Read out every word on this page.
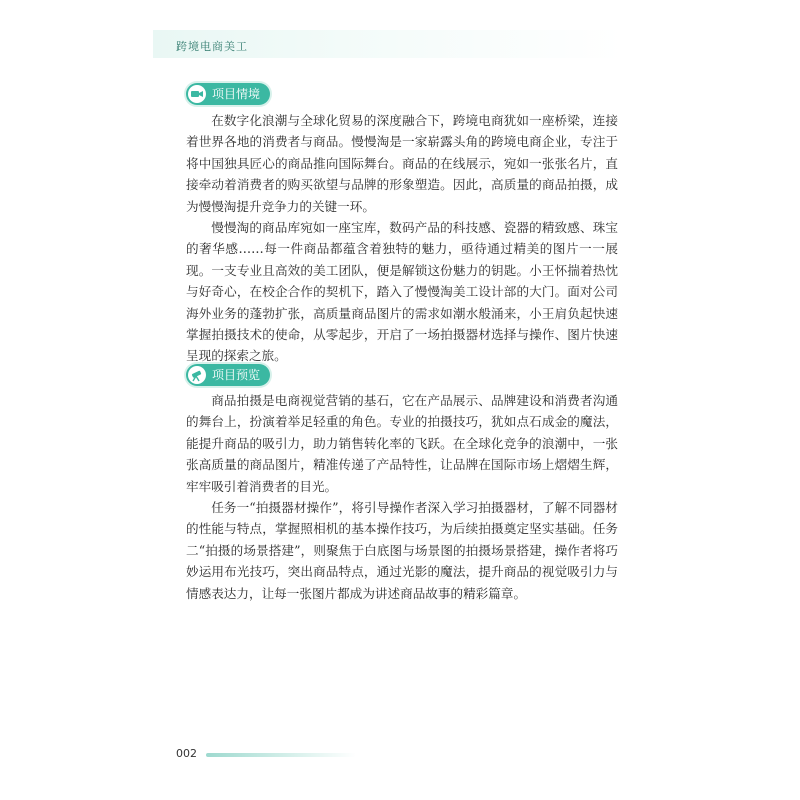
跨境电商美工
项目情境

在数字化浪潮与全球化贸易的深度融合下，跨境电商犹如一座桥梁，连接着世界各地的消费者与商品。慢慢淘是一家崭露头角的跨境电商企业，专注于将中国独具匠心的商品推向国际舞台。商品的在线展示，宛如一张张名片，直接牵动着消费者的购买欲望与品牌的形象塑造。因此，高质量的商品拍摄，成为慢慢淘提升竞争力的关键一环。

慢慢淘的商品库宛如一座宝库，数码产品的科技感、瓷器的精致感、珠宝的奢华感……每一件商品都蕴含着独特的魅力，亟待通过精美的图片一一展现。一支专业且高效的美工团队，便是解锁这份魅力的钥匙。小王怀揣着热忱与好奇心，在校企合作的契机下，踏入了慢慢淘美工设计部的大门。面对公司海外业务的蓬勃扩张，高质量商品图片的需求如潮水般涌来，小王肩负起快速掌握拍摄技术的使命，从零起步，开启了一场拍摄器材选择与操作、图片快速呈现的探索之旅。

项目预览

商品拍摄是电商视觉营销的基石，它在产品展示、品牌建设和消费者沟通的舞台上，扮演着举足轻重的角色。专业的拍摄技巧，犹如点石成金的魔法，能提升商品的吸引力，助力销售转化率的飞跃。在全球化竞争的浪潮中，一张张高质量的商品图片，精准传递了产品特性，让品牌在国际市场上熠熠生辉，牢牢吸引着消费者的目光。

任务一“拍摄器材操作”，将引导操作者深入学习拍摄器材，了解不同器材的性能与特点，掌握照相机的基本操作技巧，为后续拍摄奠定坚实基础。任务二“拍摄的场景搭建”，则聚焦于白底图与场景图的拍摄场景搭建，操作者将巧妙运用布光技巧，突出商品特点，通过光影的魔法，提升商品的视觉吸引力与情感表达力，让每一张图片都成为讲述商品故事的精彩篇章。

002
